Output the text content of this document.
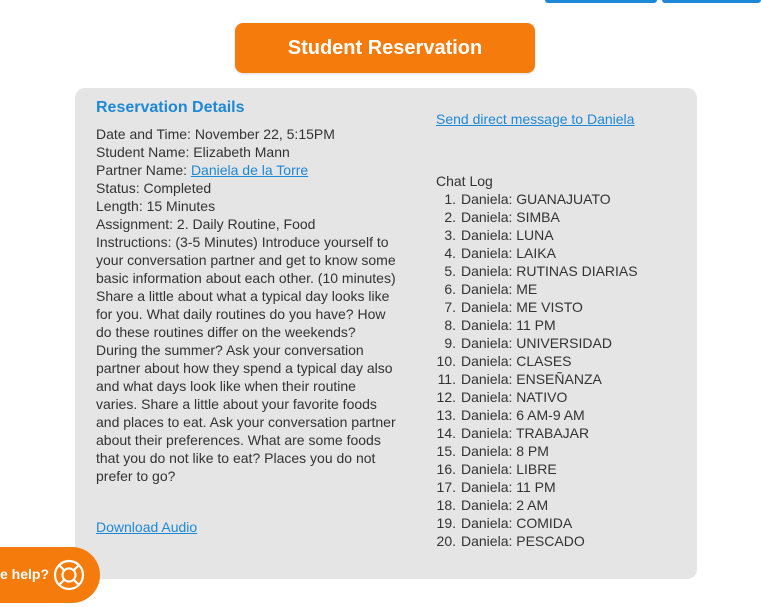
Student Reservation
Reservation Details
Date and Time: November 22, 5:15PM
Student Name: Elizabeth Mann
Partner Name: Daniela de la Torre
Status: Completed
Length: 15 Minutes
Assignment: 2. Daily Routine, Food
Instructions: (3-5 Minutes) Introduce yourself to your conversation partner and get to know some basic information about each other. (10 minutes) Share a little about what a typical day looks like for you. What daily routines do you have? How do these routines differ on the weekends? During the summer? Ask your conversation partner about how they spend a typical day also and what days look like when their routine varies. Share a little about your favorite foods and places to eat. Ask your conversation partner about their preferences. What are some foods that you do not like to eat? Places you do not prefer to go?
Download Audio
Send direct message to Daniela
Chat Log
1. Daniela: GUANAJUATO
2. Daniela: SIMBA
3. Daniela: LUNA
4. Daniela: LAIKA
5. Daniela: RUTINAS DIARIAS
6. Daniela: ME
7. Daniela: ME VISTO
8. Daniela: 11 PM
9. Daniela: UNIVERSIDAD
10. Daniela: CLASES
11. Daniela: ENSEÑANZA
12. Daniela: NATIVO
13. Daniela: 6 AM-9 AM
14. Daniela: TRABAJAR
15. Daniela: 8 PM
16. Daniela: LIBRE
17. Daniela: 11 PM
18. Daniela: 2 AM
19. Daniela: COMIDA
20. Daniela: PESCADO
e help?
